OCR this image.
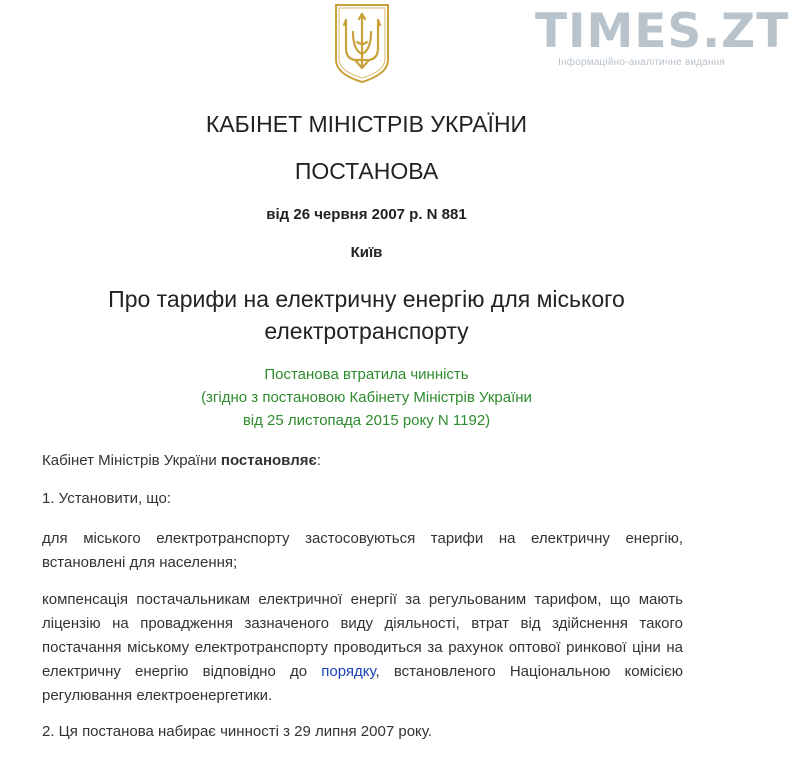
TIMES.ZT
Інформаційно-аналітичне видання
КАБІНЕТ МІНІСТРІВ УКРАЇНИ
ПОСТАНОВА
від 26 червня 2007 р. N 881
Київ
Про тарифи на електричну енергію для міського електротранспорту
Постанова втратила чинність
(згідно з постановою Кабінету Міністрів України
від 25 листопада 2015 року N 1192)

Кабінет Міністрів України постановляє:

1. Установити, що:

для міського електротранспорту застосовуються тарифи на електричну енергію, встановлені для населення;

компенсація постачальникам електричної енергії за регульованим тарифом, що мають ліцензію на провадження зазначеного виду діяльності, втрат від здійснення такого постачання міському електротранспорту проводиться за рахунок оптової ринкової ціни на електричну енергію відповідно до порядку, встановленого Національною комісією регулювання електроенергетики.

2. Ця постанова набирає чинності з 29 липня 2007 року.
